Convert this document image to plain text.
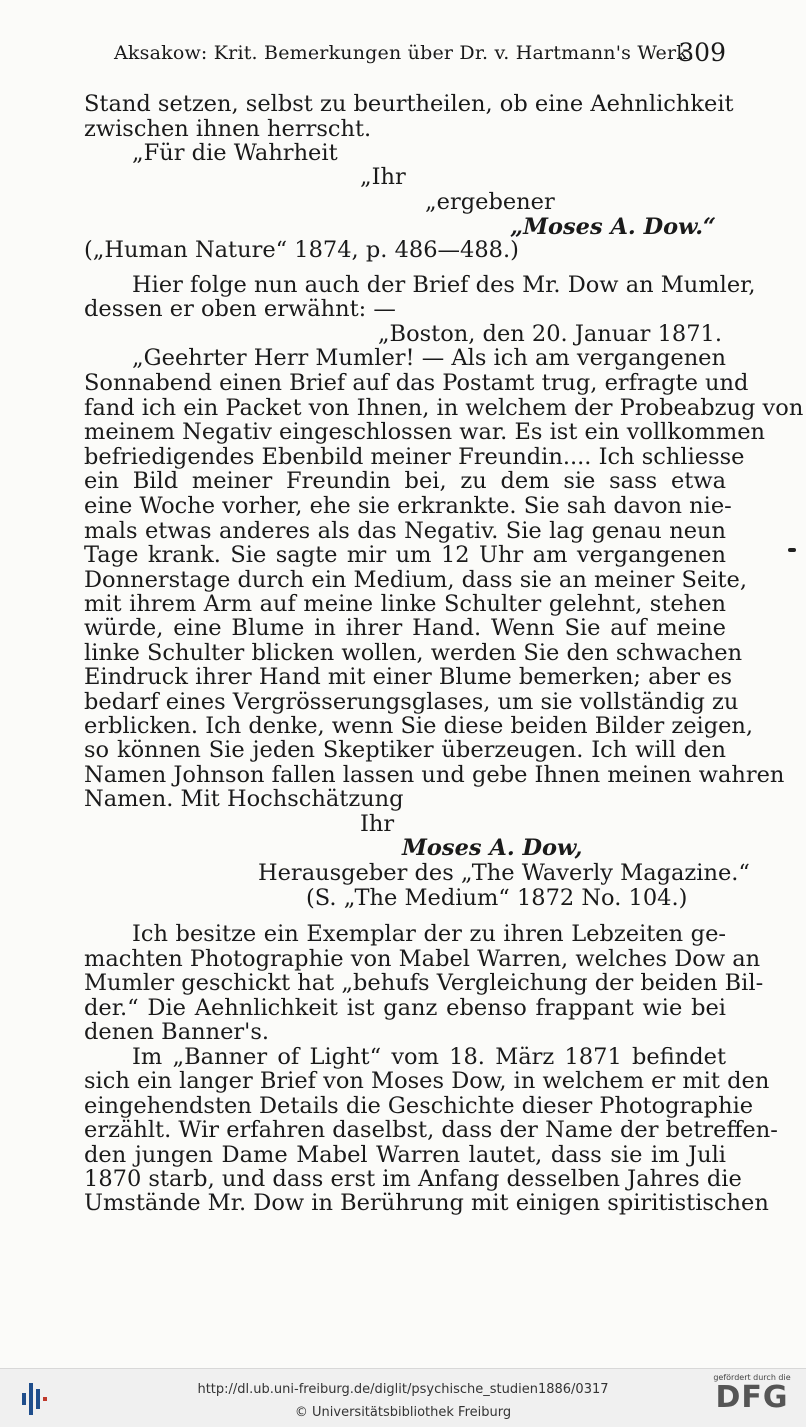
Aksakow: Krit. Bemerkungen über Dr. v. Hartmann's Werk.
309
Stand setzen, selbst zu beurtheilen, ob eine Aehnlichkeit
zwischen ihnen herrscht.
„Für die Wahrheit
„Ihr
„ergebener
„Moses A. Dow.“
(„Human Nature“ 1874, p. 486—488.)
Hier folge nun auch der Brief des Mr. Dow an Mumler,
dessen er oben erwähnt: —
„Boston, den 20. Januar 1871.
„Geehrter Herr Mumler! — Als ich am vergangenen
Sonnabend einen Brief auf das Postamt trug, erfragte und
fand ich ein Packet von Ihnen, in welchem der Probeabzug von
meinem Negativ eingeschlossen war. Es ist ein vollkommen
befriedigendes Ebenbild meiner Freundin.... Ich schliesse
ein Bild meiner Freundin bei, zu dem sie sass etwa
eine Woche vorher, ehe sie erkrankte. Sie sah davon nie-
mals etwas anderes als das Negativ. Sie lag genau neun
Tage krank. Sie sagte mir um 12 Uhr am vergangenen
Donnerstage durch ein Medium, dass sie an meiner Seite,
mit ihrem Arm auf meine linke Schulter gelehnt, stehen
würde, eine Blume in ihrer Hand. Wenn Sie auf meine
linke Schulter blicken wollen, werden Sie den schwachen
Eindruck ihrer Hand mit einer Blume bemerken; aber es
bedarf eines Vergrösserungsglases, um sie vollständig zu
erblicken. Ich denke, wenn Sie diese beiden Bilder zeigen,
so können Sie jeden Skeptiker überzeugen. Ich will den
Namen Johnson fallen lassen und gebe Ihnen meinen wahren
Namen. Mit Hochschätzung
Ihr
Moses A. Dow,
Herausgeber des „The Waverly Magazine.“
(S. „The Medium“ 1872 No. 104.)
Ich besitze ein Exemplar der zu ihren Lebzeiten ge-
machten Photographie von Mabel Warren, welches Dow an
Mumler geschickt hat „behufs Vergleichung der beiden Bil-
der.“ Die Aehnlichkeit ist ganz ebenso frappant wie bei
denen Banner's.
Im „Banner of Light“ vom 18. März 1871 befindet
sich ein langer Brief von Moses Dow, in welchem er mit den
eingehendsten Details die Geschichte dieser Photographie
erzählt. Wir erfahren daselbst, dass der Name der betreffen-
den jungen Dame Mabel Warren lautet, dass sie im Juli
1870 starb, und dass erst im Anfang desselben Jahres die
Umstände Mr. Dow in Berührung mit einigen spiritistischen
http://dl.ub.uni-freiburg.de/diglit/psychische_studien1886/0317
© Universitätsbibliothek Freiburg
gefördert durch die
DFG
